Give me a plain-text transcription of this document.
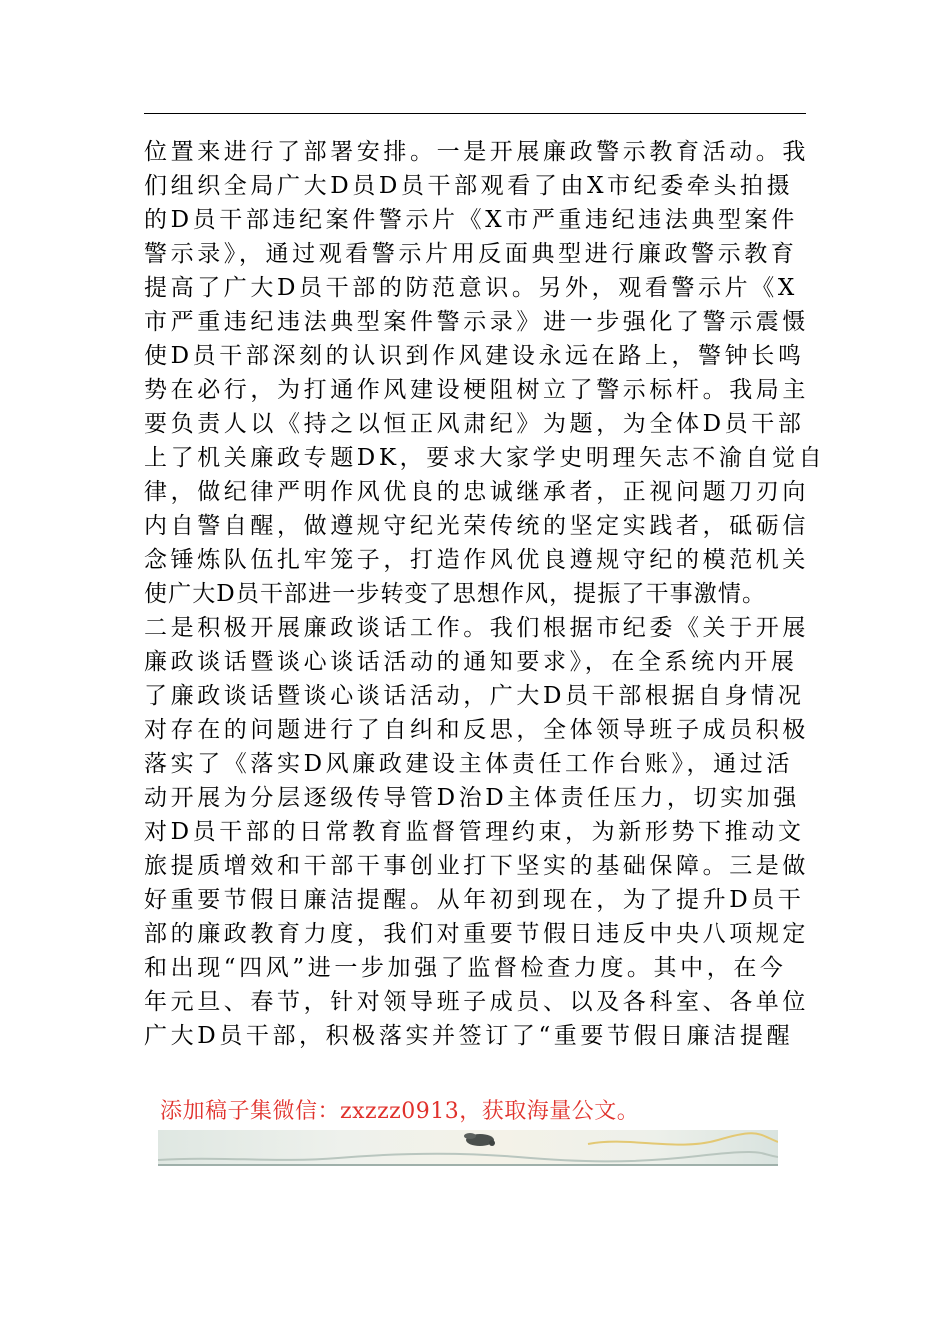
位置来进行了部署安排。一是开展廉政警示教育活动。我
们组织全局广大D员D员干部观看了由X市纪委牵头拍摄
的D员干部违纪案件警示片《X市严重违纪违法典型案件
警示录》，通过观看警示片用反面典型进行廉政警示教育
提高了广大D员干部的防范意识。另外，观看警示片《X
市严重违纪违法典型案件警示录》进一步强化了警示震慑
使D员干部深刻的认识到作风建设永远在路上，警钟长鸣
势在必行，为打通作风建设梗阻树立了警示标杆。我局主
要负责人以《持之以恒正风肃纪》为题，为全体D员干部
上了机关廉政专题DK，要求大家学史明理矢志不渝自觉自
律，做纪律严明作风优良的忠诚继承者，正视问题刀刃向
内自警自醒，做遵规守纪光荣传统的坚定实践者，砥砺信
念锤炼队伍扎牢笼子，打造作风优良遵规守纪的模范机关
使广大D员干部进一步转变了思想作风，提振了干事激情。
二是积极开展廉政谈话工作。我们根据市纪委《关于开展
廉政谈话暨谈心谈话活动的通知要求》，在全系统内开展
了廉政谈话暨谈心谈话活动，广大D员干部根据自身情况
对存在的问题进行了自纠和反思，全体领导班子成员积极
落实了《落实D风廉政建设主体责任工作台账》，通过活
动开展为分层逐级传导管D治D主体责任压力，切实加强
对D员干部的日常教育监督管理约束，为新形势下推动文
旅提质增效和干部干事创业打下坚实的基础保障。三是做
好重要节假日廉洁提醒。从年初到现在，为了提升D员干
部的廉政教育力度，我们对重要节假日违反中央八项规定
和出现“四风”进一步加强了监督检查力度。其中，在今
年元旦、春节，针对领导班子成员、以及各科室、各单位
广大D员干部，积极落实并签订了“重要节假日廉洁提醒

添加稿子集微信：zxzzz0913，获取海量公文。
